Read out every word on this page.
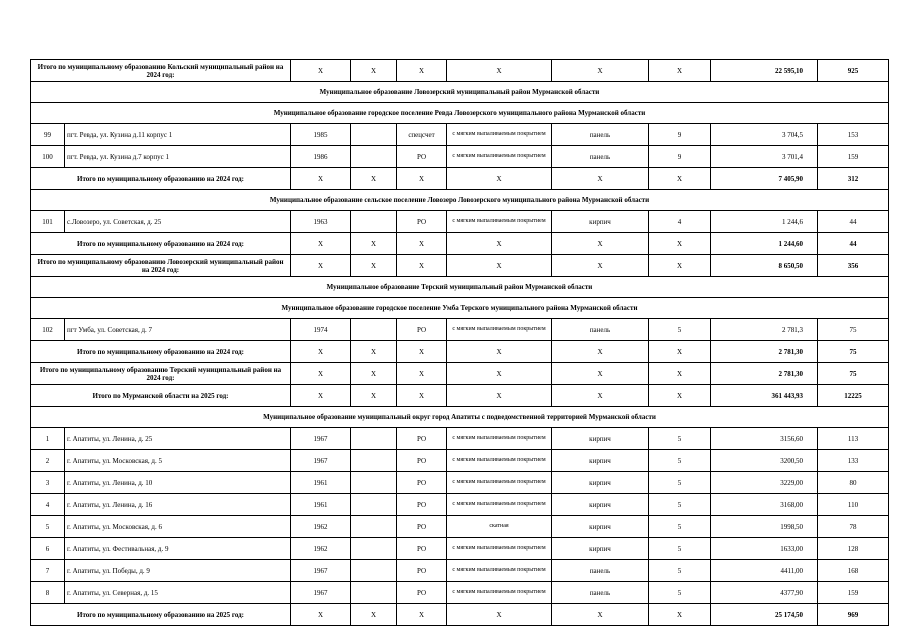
Итого по муниципальному образованию Кольский муниципальный район на 2024 год:		X	X	X	X	X	X	22 595,10	925
Муниципальное образование Ловозерский муниципальный район Мурманской области									
Муниципальное образование городское поселение Ревда Ловозерского муниципального района Мурманской области									
99	пгт. Ревда, ул. Кузина д.11 корпус 1	1985		спецсчет	с мягким выпаливаемым покрытием	панель	9	3 704,5	153
100	пгт. Ревда, ул. Кузина д.7 корпус 1	1986		РО	с мягким выпаливаемым покрытием	панель	9	3 701,4	159
Итого по муниципальному образованию на 2024 год:		X	X	X	X	X	X	7 405,90	312
Муниципальное образование сельское поселение Ловозеро Ловозерского муниципального района Мурманской области									
101	с.Ловозеро, ул. Советская, д. 25	1963		РО	с мягким выпаливаемым покрытием	кирпич	4	1 244,6	44
Итого по муниципальному образованию на 2024 год:		X	X	X	X	X	X	1 244,60	44
Итого по муниципальному образованию Ловозерский муниципальный район на 2024 год:		X	X	X	X	X	X	8 650,50	356
Муниципальное образование Терский муниципальный район Мурманской области									
Муниципальное образование городское поселение Умба Терского муниципального района Мурманской области									
102	пгт Умба, ул. Советская, д. 7	1974		РО	с мягким выпаливаемым покрытием	панель	5	2 781,3	75
Итого по муниципальному образованию на 2024 год:		X	X	X	X	X	X	2 781,30	75
Итого по муниципальному образованию Терский муниципальный район на 2024 год:		X	X	X	X	X	X	2 781,30	75
Итого по Мурманской области на 2025 год:		X	X	X	X	X	X	361 443,93	12225
Муниципальное образование муниципальный округ город Апатиты с подведомственной территорией Мурманской области									
1	г. Апатиты, ул. Ленина, д. 25	1967		РО	с мягким выпаливаемым покрытием	кирпич	5	3156,60	113
2	г. Апатиты, ул. Московская, д. 5	1967		РО	с мягким выпаливаемым покрытием	кирпич	5	3200,50	133
3	г. Апатиты, ул. Ленина, д. 10	1961		РО	с мягким выпаливаемым покрытием	кирпич	5	3229,00	80
4	г. Апатиты, ул. Ленина, д. 16	1961		РО	с мягким выпаливаемым покрытием	кирпич	5	3168,00	110
5	г. Апатиты, ул. Московская, д. 6	1962		РО	скатная	кирпич	5	1998,50	78
6	г. Апатиты, ул. Фестивальная, д. 9	1962		РО	с мягким выпаливаемым покрытием	кирпич	5	1633,00	128
7	г. Апатиты, ул. Победы, д. 9	1967		РО	с мягким выпаливаемым покрытием	панель	5	4411,00	168
8	г. Апатиты, ул. Северная, д. 15	1967		РО	с мягким выпаливаемым покрытием	панель	5	4377,90	159
Итого по муниципальному образованию на 2025 год:		X	X	X	X	X	X	25 174,50	969
